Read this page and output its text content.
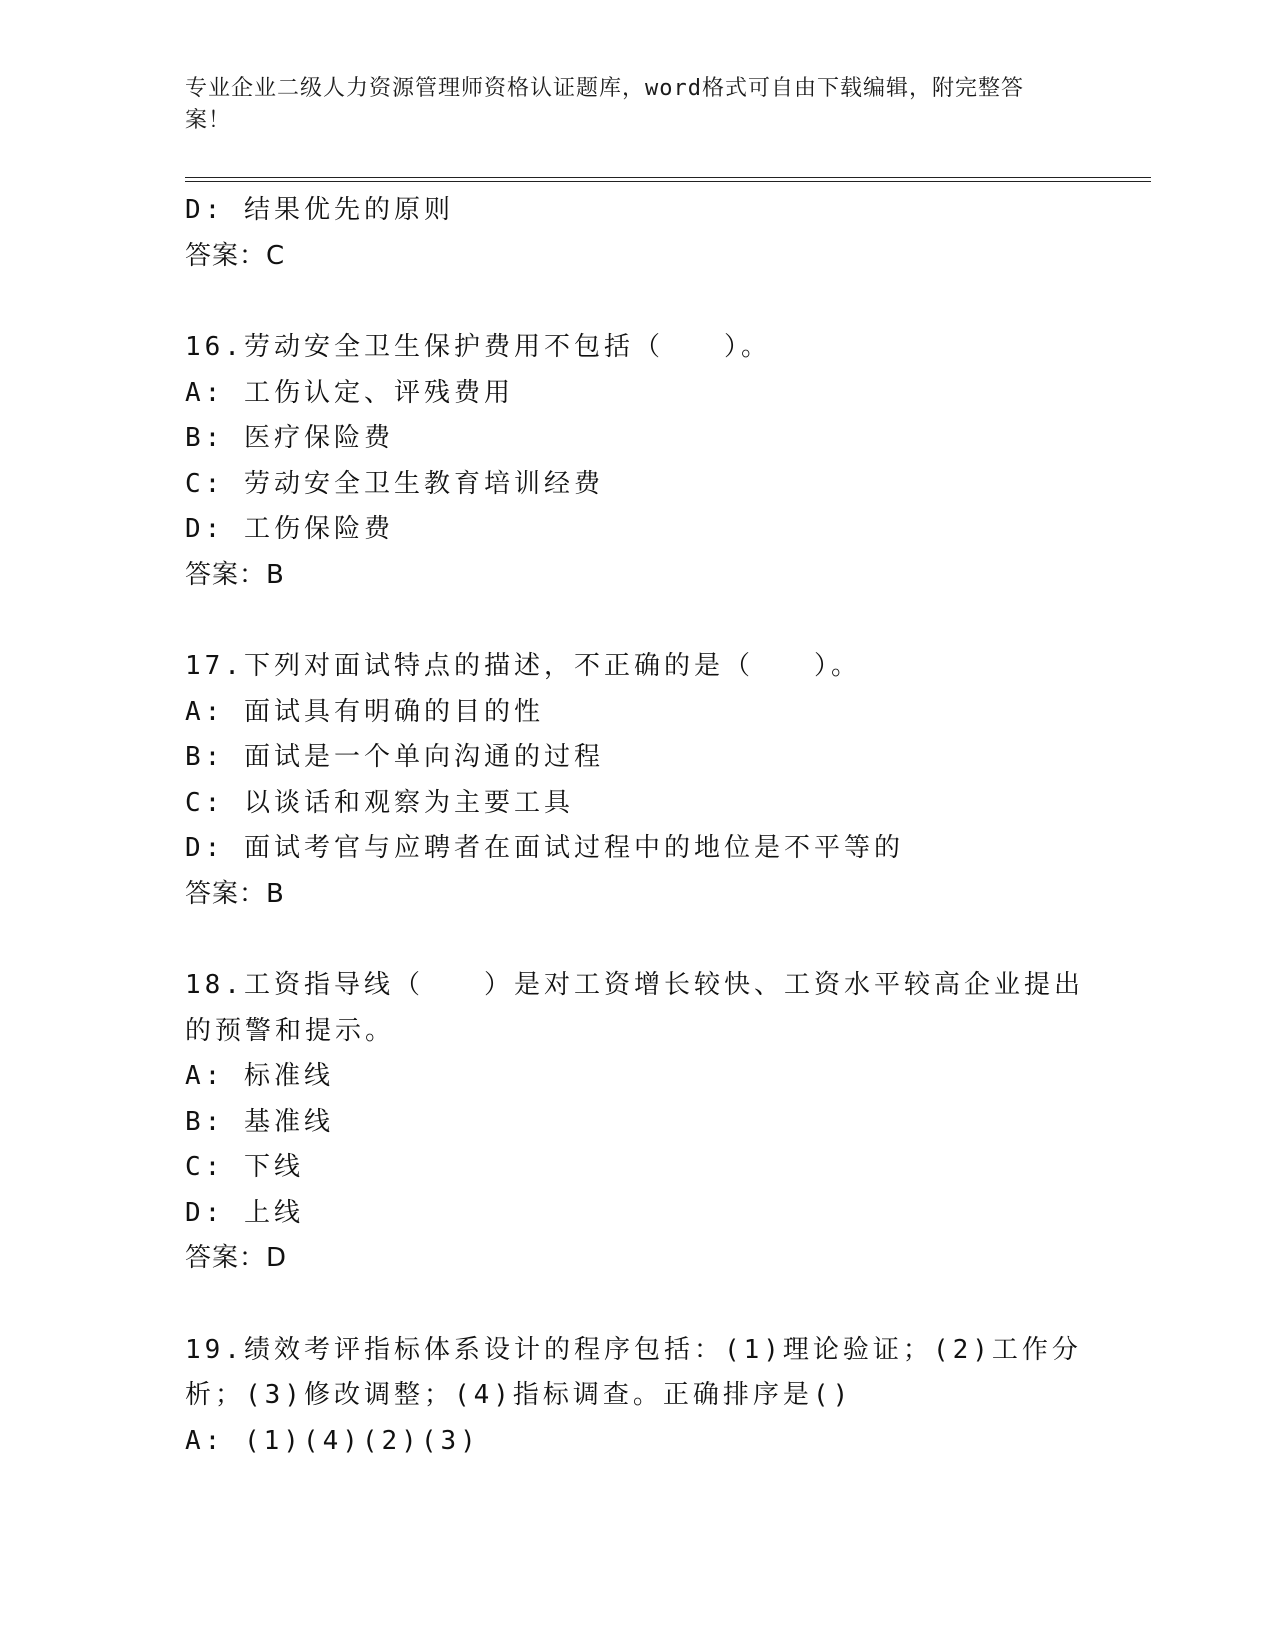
专业企业二级人力资源管理师资格认证题库，word格式可自由下载编辑，附完整答案！
D: 结果优先的原则
答案：C
16.劳动安全卫生保护费用不包括（　　）。
A: 工伤认定、评残费用
B: 医疗保险费
C: 劳动安全卫生教育培训经费
D: 工伤保险费
答案：B
17.下列对面试特点的描述，不正确的是（　　）。
A: 面试具有明确的目的性
B: 面试是一个单向沟通的过程
C: 以谈话和观察为主要工具
D: 面试考官与应聘者在面试过程中的地位是不平等的
答案：B
18.工资指导线（　　）是对工资增长较快、工资水平较高企业提出的预警和提示。
A: 标准线
B: 基准线
C: 下线
D: 上线
答案：D
19.绩效考评指标体系设计的程序包括：(1)理论验证；(2)工作分析；(3)修改调整；(4)指标调查。正确排序是()
A: (1)(4)(2)(3)
